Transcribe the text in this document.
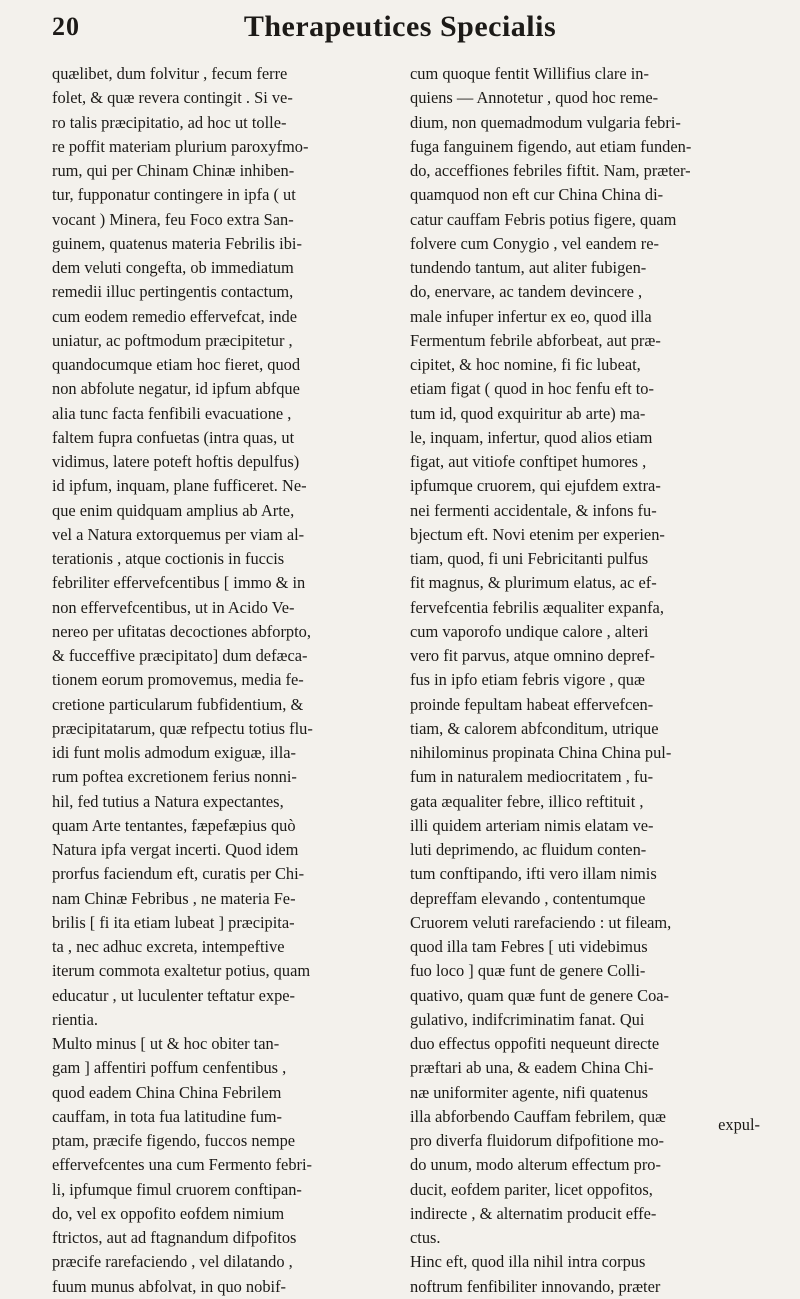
20	Therapeutices Specialis
quælibet, dum folvitur , fecum ferre
folet, & quæ revera contingit . Si ve-
ro talis præcipitatio, ad hoc ut tolle-
re poffit materiam plurium paroxyfmo-
rum, qui per Chinam Chinæ inhiben-
tur, fupponatur contingere in ipfa ( ut
vocant ) Minera, feu Foco extra San-
guinem, quatenus materia Febrilis ibi-
dem veluti congefta, ob immediatum
remedii illuc pertingentis contactum,
cum eodem remedio effervefcat, inde
uniatur, ac poftmodum præcipitetur ,
quandocumque etiam hoc fieret, quod
non abfolute negatur, id ipfum abfque
alia tunc facta fenfibili evacuatione ,
faltem fupra confuetas (intra quas, ut
vidimus, latere poteft hoftis depulfus)
id ipfum, inquam, plane fufficeret. Ne-
que enim quidquam amplius ab Arte,
vel a Natura extorquemus per viam al-
terationis , atque coctionis in fuccis
febriliter effervefcentibus [ immo & in
non effervefcentibus, ut in Acido Ve-
nereo per ufitatas decoctiones abforpto,
& fucceffive præcipitato] dum defæca-
tionem eorum promovemus, media fe-
cretione particularum fubfidentium, &
præcipitatarum, quæ refpectu totius flu-
idi funt molis admodum exiguæ, illa-
rum poftea excretionem ferius nonni-
hil, fed tutius a Natura expectantes,
quam Arte tentantes, fæpefæpius quò
Natura ipfa vergat incerti. Quod idem
prorfus faciendum eft, curatis per Chi-
nam Chinæ Febribus , ne materia Fe-
brilis [ fi ita etiam lubeat ] præcipita-
ta , nec adhuc excreta, intempeftive
iterum commota exaltetur potius, quam
educatur , ut luculenter teftatur expe-
rientia.
Multo minus [ ut & hoc obiter tan-
gam ] affentiri poffum cenfentibus ,
quod eadem China China Febrilem
cauffam, in tota fua latitudine fum-
ptam, præcife figendo, fuccos nempe
effervefcentes una cum Fermento febri-
li, ipfumque fimul cruorem conftipan-
do, vel ex oppofito eofdem nimium
ftrictos, aut ad ftagnandum difpofitos
præcife rarefaciendo , vel dilatando ,
fuum munus abfolvat, in quo nobif-
cum quoque fentit Willifius clare in-
quiens — Annotetur , quod hoc reme-
dium, non quemadmodum vulgaria febri-
fuga fanguinem figendo, aut etiam funden-
do, acceffiones febriles fiftit. Nam, præter-
quamquod non eft cur China China di-
catur cauffam Febris potius figere, quam
folvere cum Conygio , vel eandem re-
tundendo tantum, aut aliter fubigen-
do, enervare, ac tandem devincere ,
male infuper infertur ex eo, quod illa
Fermentum febrile abforbeat, aut præ-
cipitet, & hoc nomine, fi fic lubeat,
etiam figat ( quod in hoc fenfu eft to-
tum id, quod exquiritur ab arte) ma-
le, inquam, infertur, quod alios etiam
figat, aut vitiofe conftipet humores ,
ipfumque cruorem, qui ejufdem extra-
nei fermenti accidentale, & infons fu-
bjectum eft. Novi etenim per experien-
tiam, quod, fi uni Febricitanti pulfus
fit magnus, & plurimum elatus, ac ef-
fervefcentia febrilis æqualiter expanfa,
cum vaporofo undique calore , alteri
vero fit parvus, atque omnino depref-
fus in ipfo etiam febris vigore , quæ
proinde fepultam habeat effervefcen-
tiam, & calorem abfconditum, utrique
nihilominus propinata China China pul-
fum in naturalem mediocritatem , fu-
gata æqualiter febre, illico reftituit ,
illi quidem arteriam nimis elatam ve-
luti deprimendo, ac fluidum conten-
tum conftipando, ifti vero illam nimis
depreffam elevando , contentumque
Cruorem veluti rarefaciendo : ut fileam,
quod illa tam Febres [ uti videbimus
fuo loco ] quæ funt de genere Colli-
quativo, quam quæ funt de genere Coa-
gulativo, indifcriminatim fanat. Qui
duo effectus oppofiti nequeunt directe
præftari ab una, & eadem China Chi-
næ uniformiter agente, nifi quatenus
illa abforbendo Cauffam febrilem, quæ
pro diverfa fluidorum difpofitione mo-
do unum, modo alterum effectum pro-
ducit, eofdem pariter, licet oppofitos,
indirecte , & alternatim producit effe-
ctus.
Hinc eft, quod illa nihil intra corpus
noftrum fenfibiliter innovando, præter
expul-
